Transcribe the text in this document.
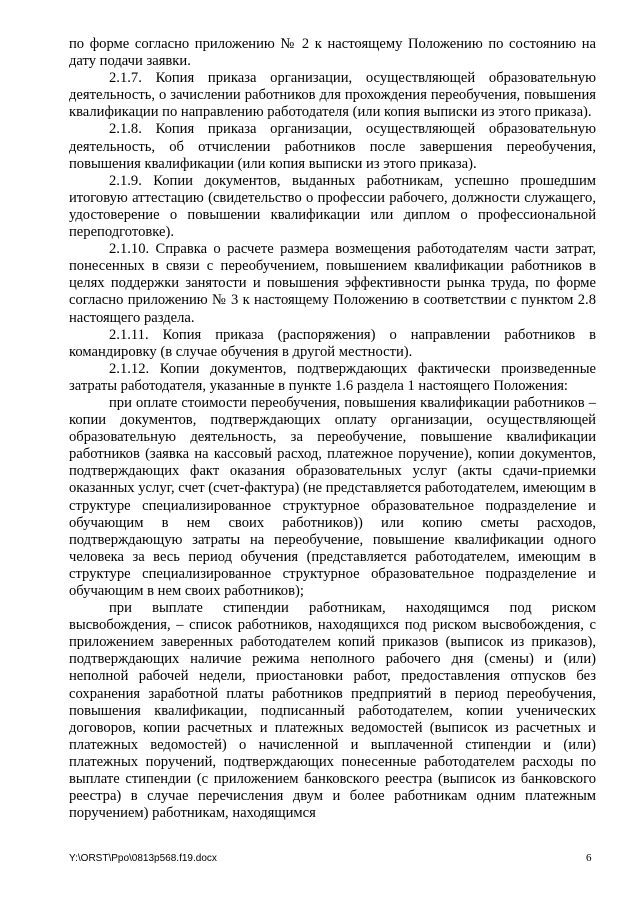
по форме согласно приложению № 2 к настоящему Положению по состоянию на дату подачи заявки.

2.1.7. Копия приказа организации, осуществляющей образовательную деятельность, о зачислении работников для прохождения переобучения, повышения квалификации по направлению работодателя (или копия выписки из этого приказа).

2.1.8. Копия приказа организации, осуществляющей образовательную деятельность, об отчислении работников после завершения переобучения, повышения квалификации (или копия выписки из этого приказа).

2.1.9. Копии документов, выданных работникам, успешно прошедшим итоговую аттестацию (свидетельство о профессии рабочего, должности служащего, удостоверение о повышении квалификации или диплом о профессиональной переподготовке).

2.1.10. Справка о расчете размера возмещения работодателям части затрат, понесенных в связи с переобучением, повышением квалификации работников в целях поддержки занятости и повышения эффективности рынка труда, по форме согласно приложению № 3 к настоящему Положению в соответствии с пунктом 2.8 настоящего раздела.

2.1.11. Копия приказа (распоряжения) о направлении работников в командировку (в случае обучения в другой местности).

2.1.12. Копии документов, подтверждающих фактически произведенные затраты работодателя, указанные в пункте 1.6 раздела 1 настоящего Положения:

при оплате стоимости переобучения, повышения квалификации работников – копии документов, подтверждающих оплату организации, осуществляющей образовательную деятельность, за переобучение, повышение квалификации работников (заявка на кассовый расход, платежное поручение), копии документов, подтверждающих факт оказания образовательных услуг (акты сдачи-приемки оказанных услуг, счет (счет-фактура) (не представляется работодателем, имеющим в структуре специализированное структурное образовательное подразделение и обучающим в нем своих работников)) или копию сметы расходов, подтверждающую затраты на переобучение, повышение квалификации одного человека за весь период обучения (представляется работодателем, имеющим в структуре специализированное структурное образовательное подразделение и обучающим в нем своих работников);

при выплате стипендии работникам, находящимся под риском высвобождения, – список работников, находящихся под риском высвобождения, с приложением заверенных работодателем копий приказов (выписок из приказов), подтверждающих наличие режима неполного рабочего дня (смены) и (или) неполной рабочей недели, приостановки работ, предоставления отпусков без сохранения заработной платы работников предприятий в период переобучения, повышения квалификации, подписанный работодателем, копии ученических договоров, копии расчетных и платежных ведомостей (выписок из расчетных и платежных ведомостей) о начисленной и выплаченной стипендии и (или) платежных поручений, подтверждающих понесенные работодателем расходы по выплате стипендии (с приложением банковского реестра (выписок из банковского реестра) в случае перечисления двум и более работникам одним платежным поручением) работникам, находящимся

Y:\ORST\Ppo\0813p568.f19.docx	6
